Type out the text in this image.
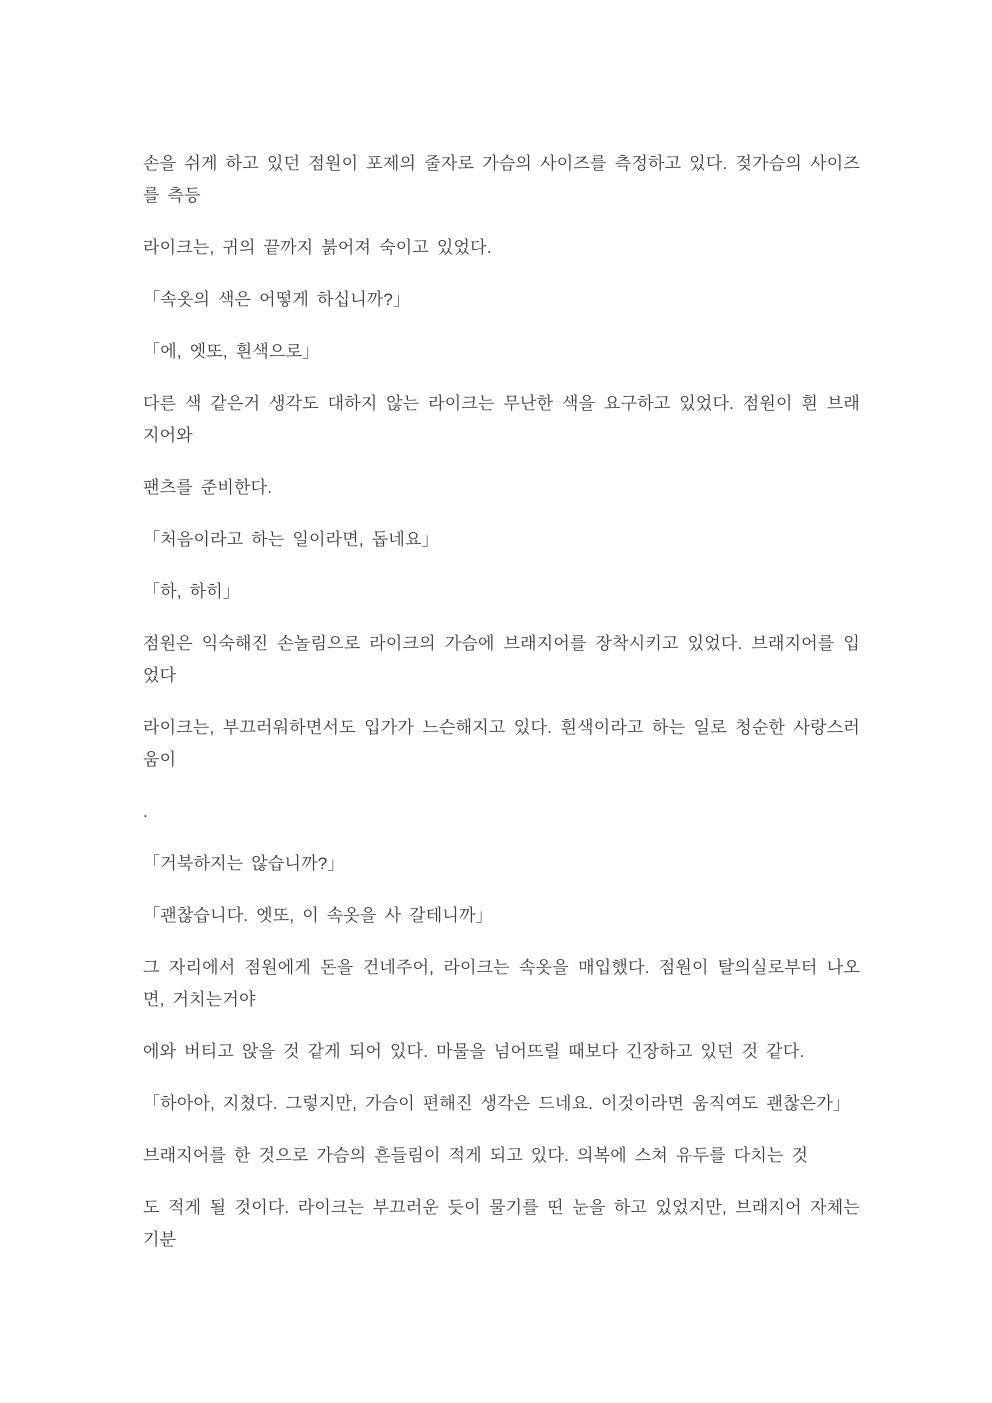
손을 쉬게 하고 있던 점원이 포제의 줄자로 가슴의 사이즈를 측정하고 있다. 젖가슴의 사이즈를 측등

라이크는, 귀의 끝까지 붉어져 숙이고 있었다.

「속옷의 색은 어떻게 하십니까?」

「에, 엣또, 흰색으로」

다른 색 같은거 생각도 대하지 않는 라이크는 무난한 색을 요구하고 있었다. 점원이 흰 브래지어와

팬츠를 준비한다.

「처음이라고 하는 일이라면, 돕네요」

「하, 하히」

점원은 익숙해진 손놀림으로 라이크의 가슴에 브래지어를 장착시키고 있었다. 브래지어를 입었다

라이크는, 부끄러워하면서도 입가가 느슨해지고 있다. 흰색이라고 하는 일로 청순한 사랑스러움이

.

「거북하지는 않습니까?」

「괜찮습니다. 엣또, 이 속옷을 사 갈테니까」

그 자리에서 점원에게 돈을 건네주어, 라이크는 속옷을 매입했다. 점원이 탈의실로부터 나오면, 거치는거야

에와 버티고 앉을 것 같게 되어 있다. 마물을 넘어뜨릴 때보다 긴장하고 있던 것 같다.

「하아아, 지쳤다. 그렇지만, 가슴이 편해진 생각은 드네요. 이것이라면 움직여도 괜찮은가」

브래지어를 한 것으로 가슴의 흔들림이 적게 되고 있다. 의복에 스쳐 유두를 다치는 것

도 적게 될 것이다. 라이크는 부끄러운 듯이 물기를 띤 눈을 하고 있었지만, 브래지어 자체는 기분
